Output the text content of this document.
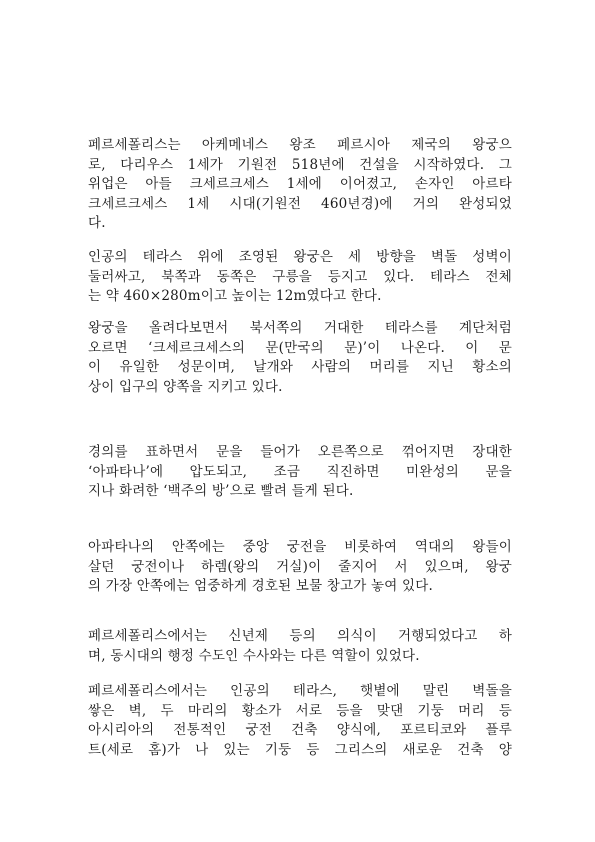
페르세폴리스는 아케메네스 왕조 페르시아 제국의 왕궁으
로, 다리우스 1세가 기원전 518년에 건설을 시작하였다. 그
위업은 아들 크세르크세스 1세에 이어졌고, 손자인 아르타
크세르크세스 1세 시대(기원전 460년경)에 거의 완성되었
다.
인공의 테라스 위에 조영된 왕궁은 세 방향을 벽돌 성벽이
둘러싸고, 북쪽과 동쪽은 구릉을 등지고 있다. 테라스 전체
는 약 460×280m이고 높이는 12m였다고 한다.
왕궁을 올려다보면서 북서쪽의 거대한 테라스를 계단처럼
오르면 ‘크세르크세스의 문(만국의 문)’이 나온다. 이 문
이 유일한 성문이며, 날개와 사람의 머리를 지닌 황소의
상이 입구의 양쪽을 지키고 있다.
경의를 표하면서 문을 들어가 오른쪽으로 꺾어지면 장대한
‘아파타나’에 압도되고, 조금 직진하면 미완성의 문을
지나 화려한 ‘백주의 방’으로 빨려 들게 된다.
아파타나의 안쪽에는 중앙 궁전을 비롯하여 역대의 왕들이
살던 궁전이나 하렘(왕의 거실)이 줄지어 서 있으며, 왕궁
의 가장 안쪽에는 엄중하게 경호된 보물 창고가 놓여 있다.
페르세폴리스에서는 신년제 등의 의식이 거행되었다고 하
며, 동시대의 행정 수도인 수사와는 다른 역할이 있었다.
페르세폴리스에서는 인공의 테라스, 햇볕에 말린 벽돌을
쌓은 벽, 두 마리의 황소가 서로 등을 맞댄 기둥 머리 등
아시리아의 전통적인 궁전 건축 양식에, 포르티코와 플루
트(세로 홈)가 나 있는 기둥 등 그리스의 새로운 건축 양
